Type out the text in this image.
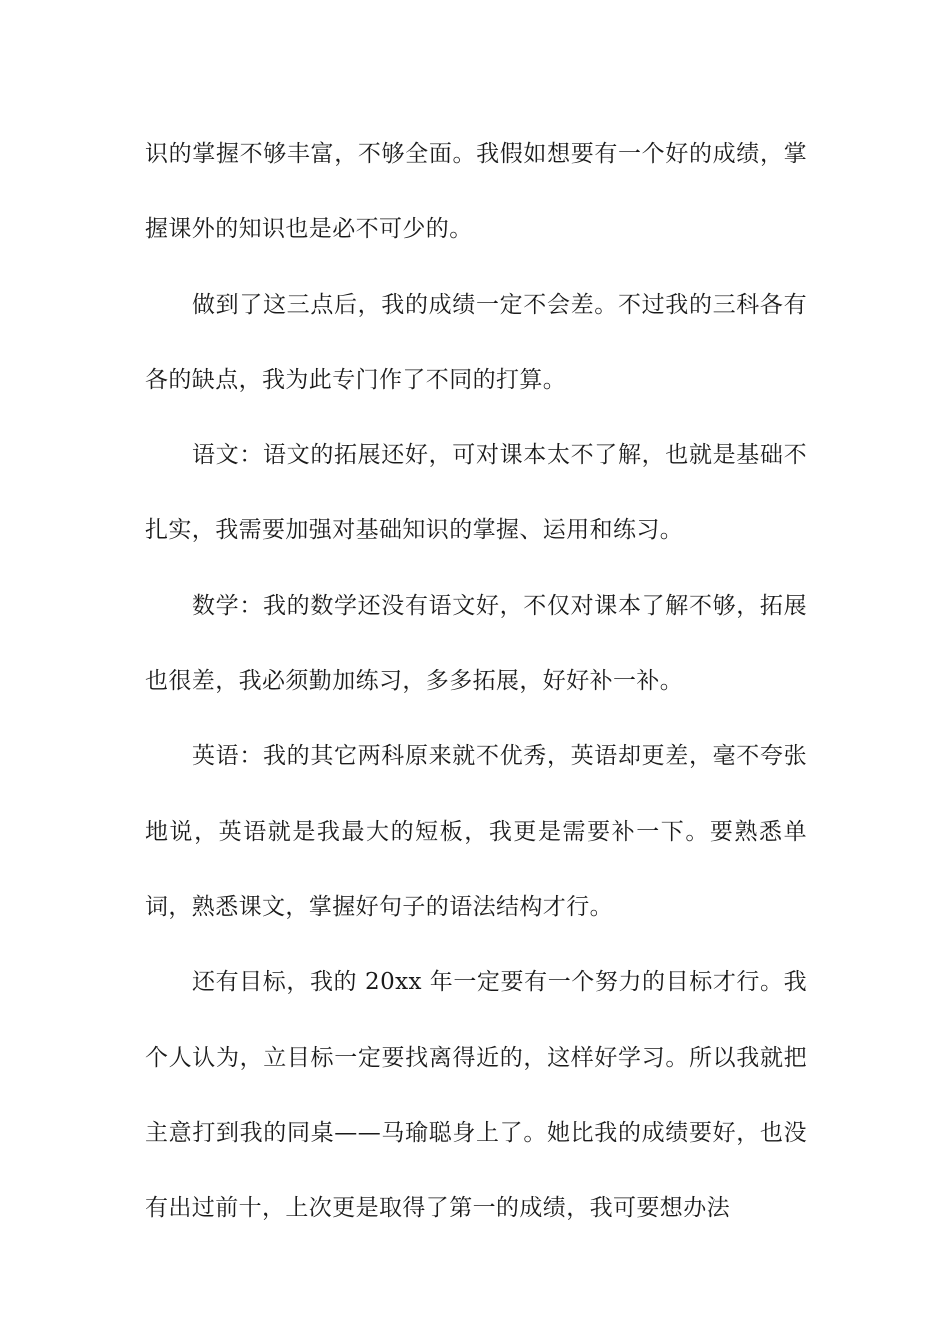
识的掌握不够丰富，不够全面。我假如想要有一个好的成绩，掌握课外的知识也是必不可少的。

做到了这三点后，我的成绩一定不会差。不过我的三科各有各的缺点，我为此专门作了不同的打算。

语文：语文的拓展还好，可对课本太不了解，也就是基础不扎实，我需要加强对基础知识的掌握、运用和练习。

数学：我的数学还没有语文好，不仅对课本了解不够，拓展也很差，我必须勤加练习，多多拓展，好好补一补。

英语：我的其它两科原来就不优秀，英语却更差，毫不夸张地说，英语就是我最大的短板，我更是需要补一下。要熟悉单词，熟悉课文，掌握好句子的语法结构才行。

还有目标，我的 20xx 年一定要有一个努力的目标才行。我个人认为，立目标一定要找离得近的，这样好学习。所以我就把主意打到我的同桌——马瑜聪身上了。她比我的成绩要好，也没有出过前十，上次更是取得了第一的成绩，我可要想办法
